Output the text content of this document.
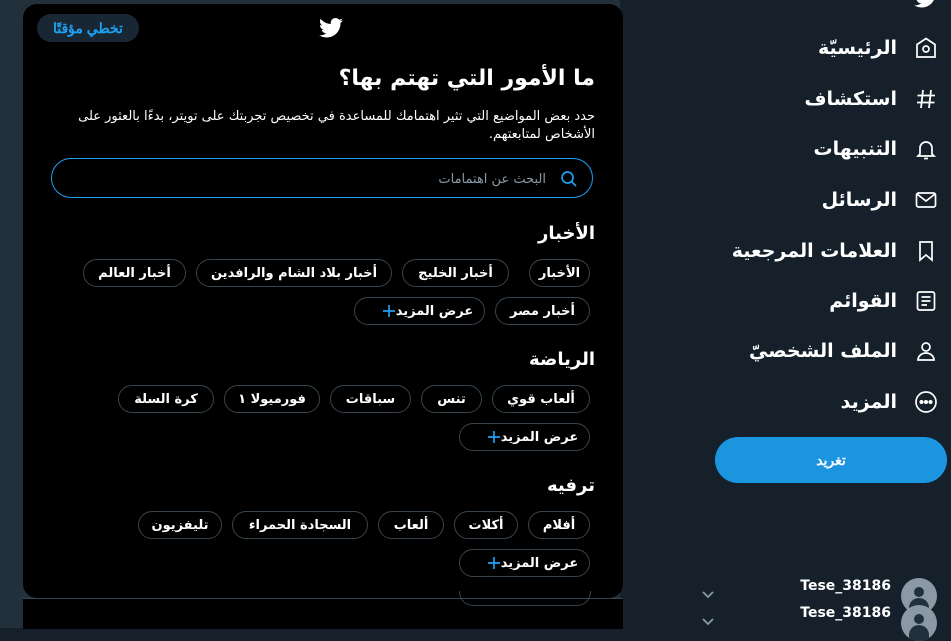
الرئيسيّة
استكشاف
التنبيهات
الرسائل
العلامات المرجعية
القوائم
الملف الشخصيّ
المزيد
تغريد
Tese_38186
Tese_38186
تخطي مؤقتًا
ما الأمور التي تهتم بها؟
حدد بعض المواضيع التي تثير اهتمامك للمساعدة في تخصيص تجربتك على تويتر، بدءًا بالعثور على الأشخاص لمتابعتهم.
البحث عن اهتمامات
الأخبار
الأخبار
أخبار الخليج
أخبار بلاد الشام والرافدين
أخبار العالم
أخبار مصر
عرض المزيد
الرياضة
ألعاب قوي
تنس
سباقات
فورميولا ١
كرة السلة
عرض المزيد
ترفيه
أفلام
أكلات
ألعاب
السجادة الحمراء
تليفزيون
عرض المزيد
